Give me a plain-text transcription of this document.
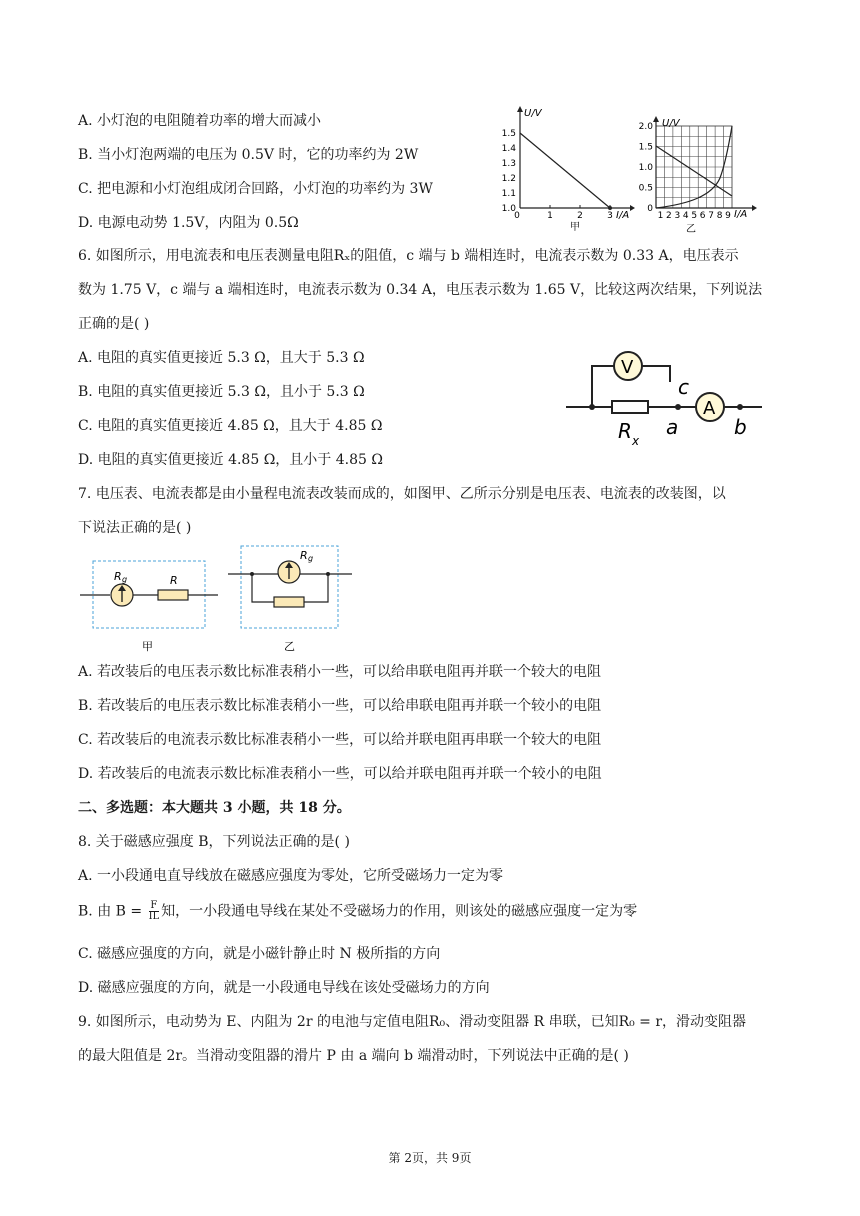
A. 小灯泡的电阻随着功率的增大而减小
B. 当小灯泡两端的电压为 0.5V 时，它的功率约为 2W
C. 把电源和小灯泡组成闭合回路，小灯泡的功率约为 3W
D. 电源电动势 1.5V，内阻为 0.5Ω
U/V
I/A
1.5
1.4
1.3
1.2
1.1
1.0
0	1	2	3
甲
U/V
I/A
2.0
1.5
1.0
0.5
0
1 2 3 4 5 6 7 8 9
乙
6. 如图所示，用电流表和电压表测量电阻Rₓ的阻值，c 端与 b 端相连时，电流表示数为 0.33 A，电压表示
数为 1.75 V，c 端与 a 端相连时，电流表示数为 0.34 A，电压表示数为 1.65 V，比较这两次结果，下列说法
正确的是( )
A. 电阻的真实值更接近 5.3 Ω，且大于 5.3 Ω
B. 电阻的真实值更接近 5.3 Ω，且小于 5.3 Ω
C. 电阻的真实值更接近 4.85 Ω，且大于 4.85 Ω
D. 电阻的真实值更接近 4.85 Ω，且小于 4.85 Ω
A
V
c
a	b
R x
7. 电压表、电流表都是由小量程电流表改装而成的，如图甲、乙所示分别是电压表、电流表的改装图，以
下说法正确的是( )
R g	R
甲
R g
乙
A. 若改装后的电压表示数比标准表稍小一些，可以给串联电阻再并联一个较大的电阻
B. 若改装后的电压表示数比标准表稍小一些，可以给串联电阻再并联一个较小的电阻
C. 若改装后的电流表示数比标准表稍小一些，可以给并联电阻再串联一个较大的电阻
D. 若改装后的电流表示数比标准表稍小一些，可以给并联电阻再并联一个较小的电阻
二、多选题：本大题共 3 小题，共 18 分。
8. 关于磁感应强度 B，下列说法正确的是( )
A. 一小段通电直导线放在磁感应强度为零处，它所受磁场力一定为零
B. 由 $B = \frac{F}{IL}$ 知，一小段通电导线在某处不受磁场力的作用，则该处的磁感应强度一定为零
C. 磁感应强度的方向，就是小磁针静止时 N 极所指的方向
D. 磁感应强度的方向，就是一小段通电导线在该处受磁场力的方向
9. 如图所示，电动势为 E、内阻为 2r 的电池与定值电阻R₀、滑动变阻器 R 串联，已知R₀ = r，滑动变阻器
的最大阻值是 2r。当滑动变阻器的滑片 P 由 a 端向 b 端滑动时，下列说法中正确的是( )
第 2页，共 9页
